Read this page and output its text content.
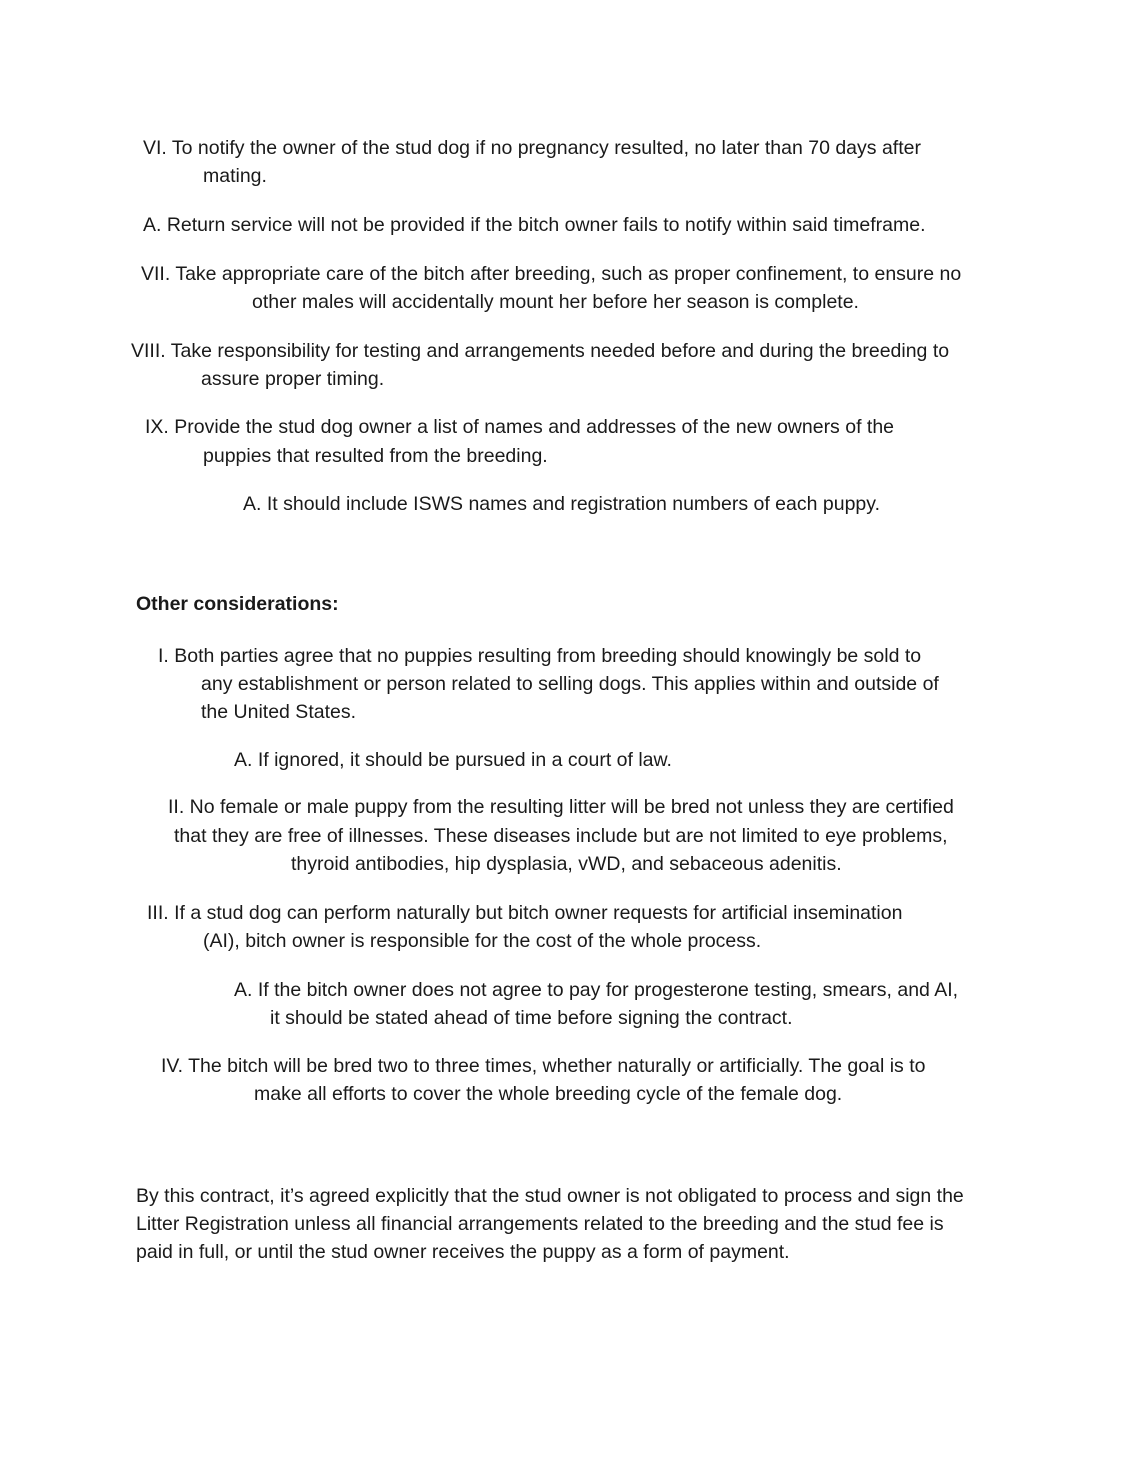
VI. To notify the owner of the stud dog if no pregnancy resulted, no later than 70 days after

mating.

A. Return service will not be provided if the bitch owner fails to notify within said timeframe.

VII. Take appropriate care of the bitch after breeding, such as proper confinement, to ensure no

other males will accidentally mount her before her season is complete.

VIII. Take responsibility for testing and arrangements needed before and during the breeding to

assure proper timing.

IX. Provide the stud dog owner a list of names and addresses of the new owners of the

puppies that resulted from the breeding.

A. It should include ISWS names and registration numbers of each puppy.

Other considerations:

I. Both parties agree that no puppies resulting from breeding should knowingly be sold to

any establishment or person related to selling dogs. This applies within and outside of

the United States.

A. If ignored, it should be pursued in a court of law.

II. No female or male puppy from the resulting litter will be bred not unless they are certified

that they are free of illnesses. These diseases include but are not limited to eye problems,

thyroid antibodies, hip dysplasia, vWD, and sebaceous adenitis.

III. If a stud dog can perform naturally but bitch owner requests for artificial insemination

(AI), bitch owner is responsible for the cost of the whole process.

A. If the bitch owner does not agree to pay for progesterone testing, smears, and AI,

it should be stated ahead of time before signing the contract.

IV. The bitch will be bred two to three times, whether naturally or artificially. The goal is to

make all efforts to cover the whole breeding cycle of the female dog.

By this contract, it’s agreed explicitly that the stud owner is not obligated to process and sign the

Litter Registration unless all financial arrangements related to the breeding and the stud fee is

paid in full, or until the stud owner receives the puppy as a form of payment.
